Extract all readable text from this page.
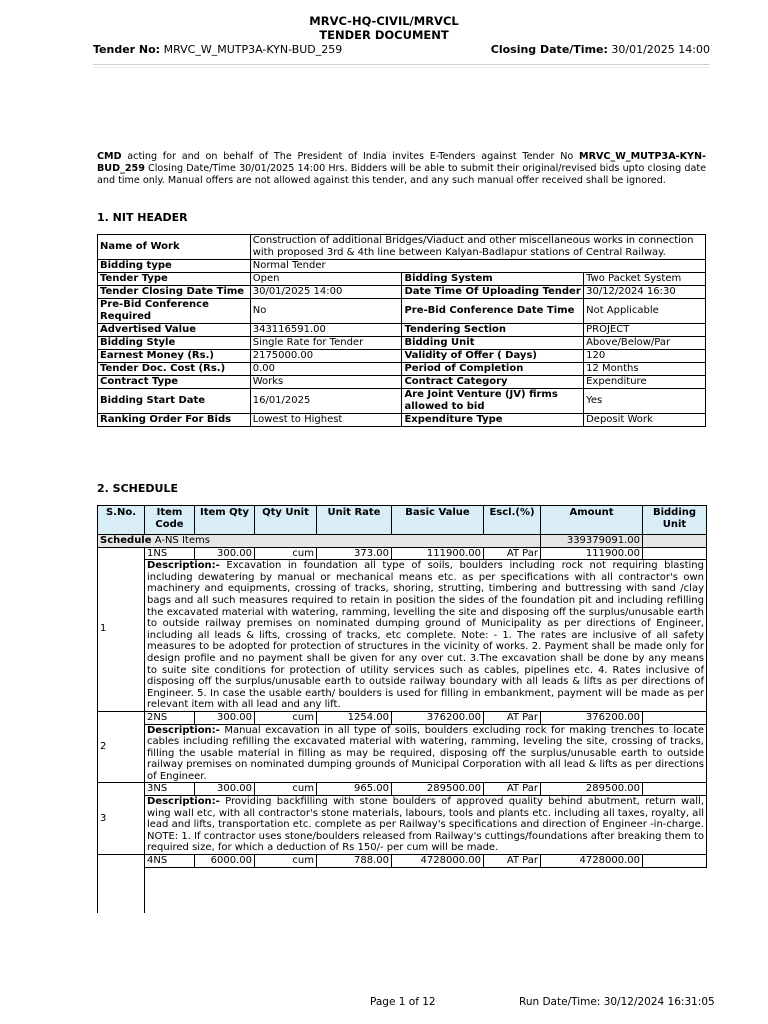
MRVC-HQ-CIVIL/MRVCL
TENDER DOCUMENT
Tender No: MRVC_W_MUTP3A-KYN-BUD_259	Closing Date/Time: 30/01/2025 14:00
CMD acting for and on behalf of The President of India invites E-Tenders against Tender No MRVC_W_MUTP3A-KYN-BUD_259 Closing Date/Time 30/01/2025 14:00 Hrs. Bidders will be able to submit their original/revised bids upto closing date and time only. Manual offers are not allowed against this tender, and any such manual offer received shall be ignored.
1. NIT HEADER
Name of Work	Construction of additional Bridges/Viaduct and other miscellaneous works in connection with proposed 3rd & 4th line between Kalyan-Badlapur stations of Central Railway.		
Bidding type	Normal Tender		
Tender Type	Open	Bidding System	Two Packet System
Tender Closing Date Time	30/01/2025 14:00	Date Time Of Uploading Tender	30/12/2024 16:30
Pre-Bid Conference Required	No	Pre-Bid Conference Date Time	Not Applicable
Advertised Value	343116591.00	Tendering Section	PROJECT
Bidding Style	Single Rate for Tender	Bidding Unit	Above/Below/Par
Earnest Money (Rs.)	2175000.00	Validity of Offer ( Days)	120
Tender Doc. Cost (Rs.)	0.00	Period of Completion	12 Months
Contract Type	Works	Contract Category	Expenditure
Bidding Start Date	16/01/2025	Are Joint Venture (JV) firms allowed to bid	Yes
Ranking Order For Bids	Lowest to Highest	Expenditure Type	Deposit Work
2. SCHEDULE
S.No.	Item Code	Item Qty	Qty Unit	Unit Rate	Basic Value	Escl.(%)	Amount	Bidding Unit
Schedule A-NS Items							339379091.00	
1	1NS	300.00	cum	373.00	111900.00	AT Par	111900.00	
	Description:- Excavation in foundation all type of soils, boulders including rock not requiring blasting including dewatering by manual or mechanical means etc. as per specifications with all contractor's own machinery and equipments, crossing of tracks, shoring, strutting, timbering and buttressing with sand /clay bags and all such measures required to retain in position the sides of the foundation pit and including refilling the excavated material with watering, ramming, levelling the site and disposing off the surplus/unusable earth to outside railway premises on nominated dumping ground of Municipality as per directions of Engineer, including all leads & lifts, crossing of tracks, etc complete. Note: - 1. The rates are inclusive of all safety measures to be adopted for protection of structures in the vicinity of works. 2. Payment shall be made only for design profile and no payment shall be given for any over cut. 3.The excavation shall be done by any means to suite site conditions for protection of utility services such as cables, pipelines etc. 4. Rates inclusive of disposing off the surplus/unusable earth to outside railway boundary with all leads & lifts as per directions of Engineer. 5. In case the usable earth/ boulders is used for filling in embankment, payment will be made as per relevant item with all lead and any lift.							
2	2NS	300.00	cum	1254.00	376200.00	AT Par	376200.00	
	Description:- Manual excavation in all type of soils, boulders excluding rock for making trenches to locate cables including refilling the excavated material with watering, ramming, leveling the site, crossing of tracks, filling the usable material in filling as may be required, disposing off the surplus/unusable earth to outside railway premises on nominated dumping grounds of Municipal Corporation with all lead & lifts as per directions of Engineer.							
3	3NS	300.00	cum	965.00	289500.00	AT Par	289500.00	
	Description:- Providing backfilling with stone boulders of approved quality behind abutment, return wall, wing wall etc, with all contractor's stone materials, labours, tools and plants etc. including all taxes, royalty, all lead and lifts, transportation etc. complete as per Railway's specifications and direction of Engineer -in-charge. NOTE: 1. If contractor uses stone/boulders released from Railway's cuttings/foundations after breaking them to required size, for which a deduction of Rs 150/- per cum will be made.							
	4NS	6000.00	cum	788.00	4728000.00	AT Par	4728000.00	

Page 1 of 12	Run Date/Time: 30/12/2024 16:31:05
